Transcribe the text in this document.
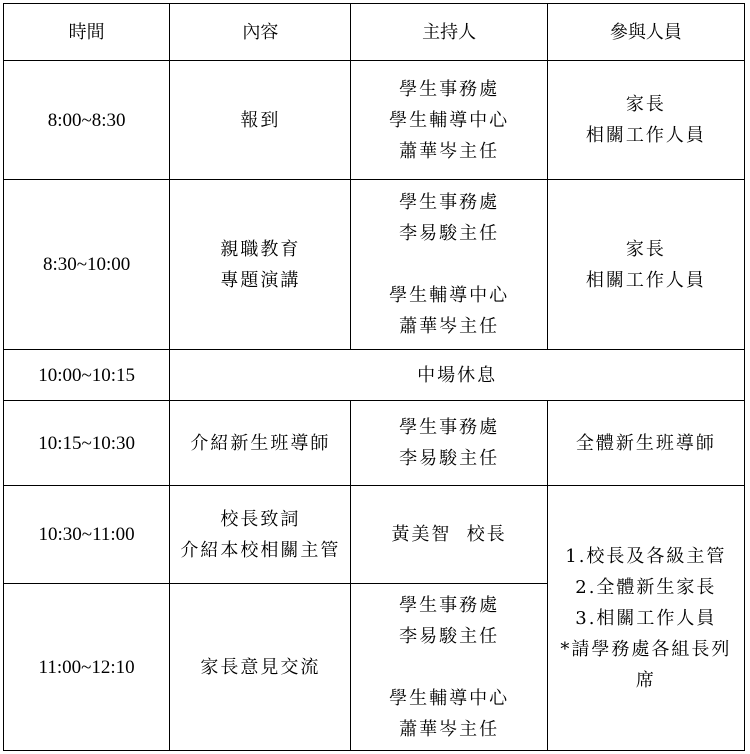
時間	內容	主持人	參與人員
8:00~8:30	報到	學生事務處
學生輔導中心
蕭華岑主任	家長
相關工作人員

8:30~10:00	親職教育
專題演講	學生事務處
李易駿主任
學生輔導中心
蕭華岑主任	家長
相關工作人員

10:00~10:15	中場休息		

10:15~10:30	介紹新生班導師	學生事務處
李易駿主任	全體新生班導師

10:30~11:00	校長致詞
介紹本校相關主管	黃美智  校長	1.校長及各級主管
2.全體新生家長
3.相關工作人員
*請學務處各組長列
席

11:00~12:10	家長意見交流	學生事務處
李易駿主任
學生輔導中心
蕭華岑主任	
